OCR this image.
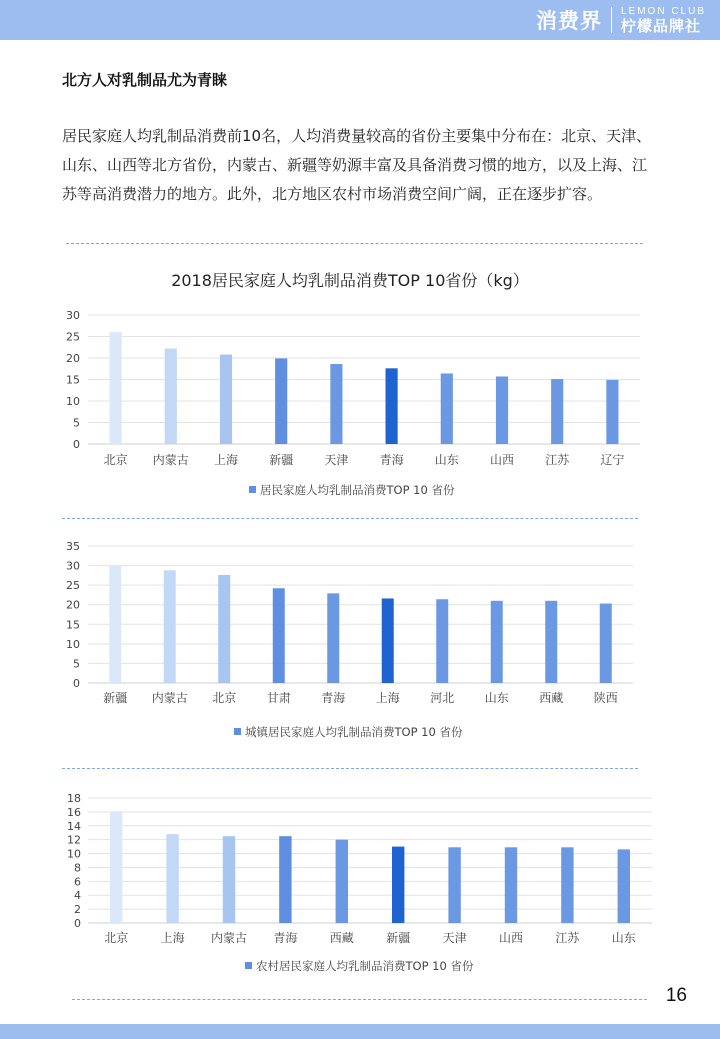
消费界 LEMON CLUB
柠檬品牌社
北方人对乳制品尤为青睐
居民家庭人均乳制品消费前10名，人均消费量较高的省份主要集中分布在：北京、天津、山东、山西等北方省份，内蒙古、新疆等奶源丰富及具备消费习惯的地方，以及上海、江苏等高消费潜力的地方。此外，北方地区农村市场消费空间广阔，正在逐步扩容。
2018居民家庭人均乳制品消费TOP 10省份（kg）
0
5
10
15
20
25
30
北京 内蒙古 上海	新疆	天津	青海	山东	山西	江苏	辽宁
居民家庭人均乳制品消费TOP 10 省份
0
5
10
15
20
25
30
35
新疆 内蒙古 北京	甘肃	青海	上海	河北	山东	西藏	陕西
城镇居民家庭人均乳制品消费TOP 10 省份
0
2
4
6
8
10
12
14
16
18
北京	上海 内蒙古 青海	西藏	新疆	天津	山西	江苏	山东
农村居民家庭人均乳制品消费TOP 10 省份
16
